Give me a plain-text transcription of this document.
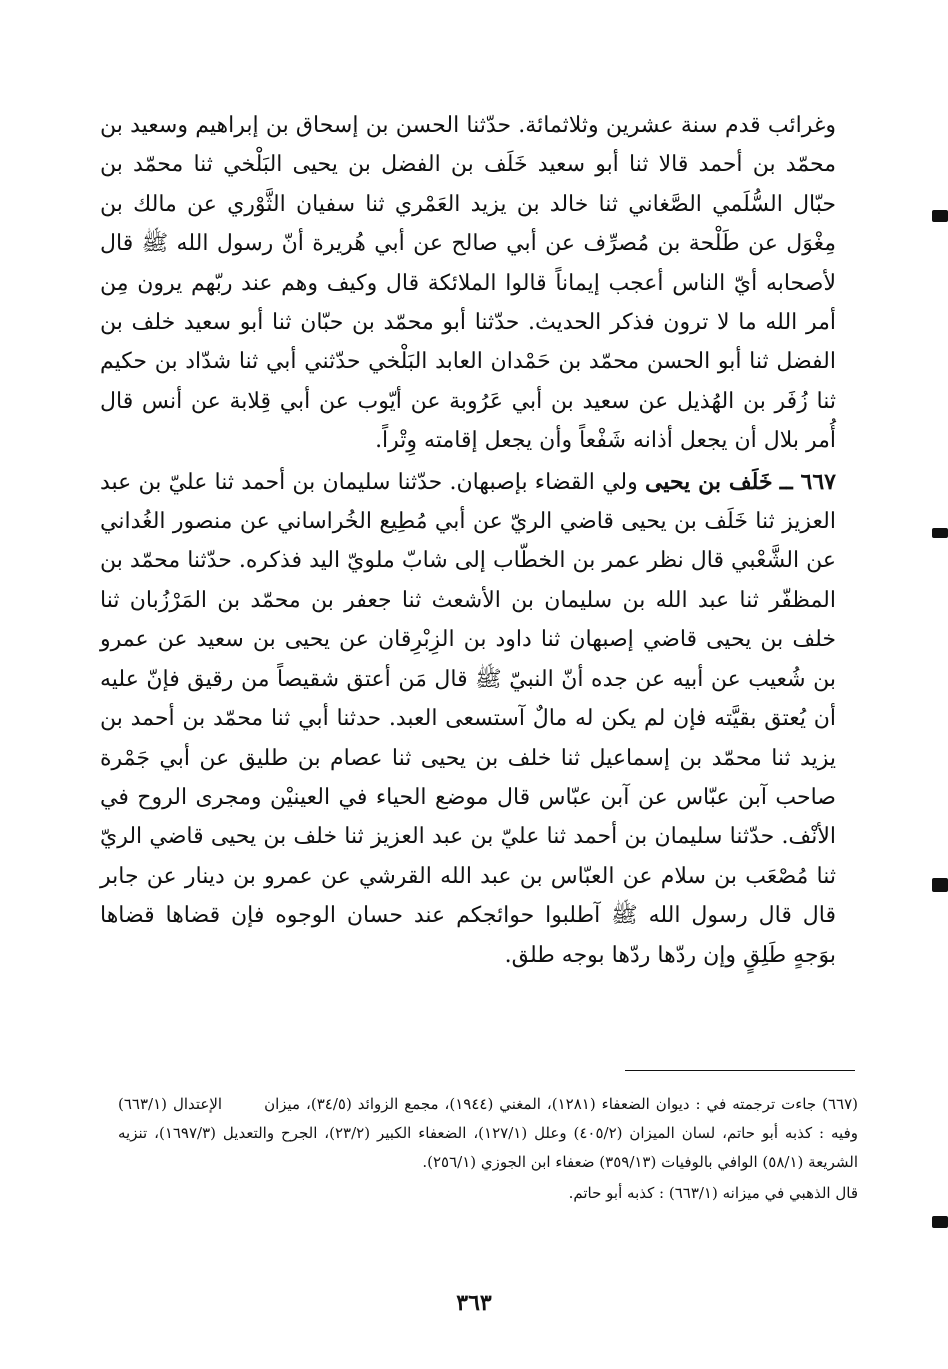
وغرائب قدم سنة عشرين وثلاثمائة. حدّثنا الحسن بن إسحاق بن إبراهيم وسعيد بن محمّد بن أحمد قالا ثنا أبو سعيد خَلَف بن الفضل بن يحيى البَلْخي ثنا محمّد بن حبّال السُّلَمي الصَّغاني ثنا خالد بن يزيد العَمْري ثنا سفيان الثَّوْري عن مالك بن مِغْوَل عن طَلْحة بن مُصرِّف عن أبي صالح عن أبي هُريرة أنّ رسول الله ﷺ قال لأصحابه أيّ الناس أعجب إيماناً قالوا الملائكة قال وكيف وهم عند ربّهم يرون مِن أمر الله ما لا ترون فذكر الحديث. حدّثنا أبو محمّد بن حبّان ثنا أبو سعيد خلف بن الفضل ثنا أبو الحسن محمّد بن حَمْدان العابد البَلْخي حدّثني أبي ثنا شدّاد بن حكيم ثنا زُفَر بن الهُذيل عن سعيد بن أبي عَرُوبة عن أيّوب عن أبي قِلابة عن أنس قال أُمر بلال أن يجعل أذانه شَفْعاً وأن يجعل إقامته وِتْراً.

٦٦٧ ــ خَلَف بن يحيى ولي القضاء بإصبهان. حدّثنا سليمان بن أحمد ثنا عليّ بن عبد العزيز ثنا خَلَف بن يحيى قاضي الريّ عن أبي مُطِيع الخُراساني عن منصور الغُداني عن الشَّعْبي قال نظر عمر بن الخطّاب إلى شابّ ملويّ اليد فذكره. حدّثنا محمّد بن المظفّر ثنا عبد الله بن سليمان بن الأشعث ثنا جعفر بن محمّد بن المَرْزُبان ثنا خلف بن يحيى قاضي إصبهان ثنا داود بن الزِبْرِقان عن يحيى بن سعيد عن عمرو بن شُعيب عن أبيه عن جده أنّ النبيّ ﷺ قال مَن أعتق شقيصاً من رقيق فإنّ عليه أن يُعتق بقيَّته فإن لم يكن له مالٌ آستسعى العبد. حدثنا أبي ثنا محمّد بن أحمد بن يزيد ثنا محمّد بن إسماعيل ثنا خلف بن يحيى ثنا عصام بن طليق عن أبي جَمْرة صاحب آبن عبّاس عن آبن عبّاس قال موضع الحياء في العينيْن ومجرى الروح في الأنْف. حدّثنا سليمان بن أحمد ثنا عليّ بن عبد العزيز ثنا خلف بن يحيى قاضي الريّ ثنا مُصْعَب بن سلام عن العبّاس بن عبد الله القرشي عن عمرو بن دينار عن جابر قال قال رسول الله ﷺ آطلبوا حوائجكم عند حسان الوجوه فإن قضاها قضاها بوَجهٍ طَلِقٍ وإن ردّها ردّها بوجه طلق.

(٦٦٧) جاءت ترجمته في : ديوان الضعفاء (١٢٨١)، المغني (١٩٤٤)، مجمع الزوائد (٣٤/٥)، ميزان الإعتدال (٦٦٣/١) وفيه : كذبه أبو حاتم، لسان الميزان (٤٠٥/٢) وعلل (١٢٧/١)، الضعفاء الكبير (٢٣/٢)، الجرح والتعديل (١٦٩٧/٣)، تنزيه الشريعة (٥٨/١) الوافي بالوفيات (٣٥٩/١٣) ضعفاء ابن الجوزي (٢٥٦/١).

قال الذهبي في ميزانه (٦٦٣/١) : كذبه أبو حاتم.

٣٦٣
